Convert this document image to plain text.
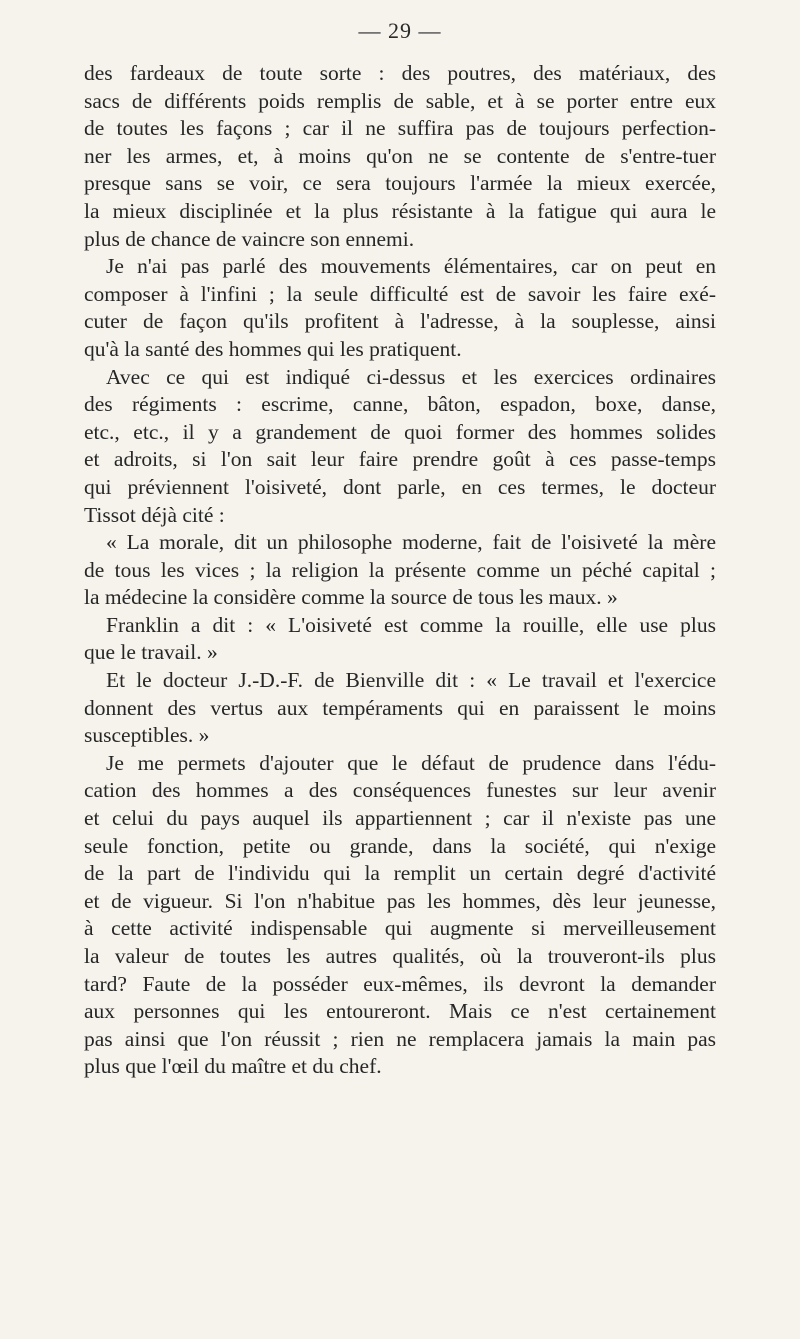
— 29 —
des fardeaux de toute sorte : des poutres, des matériaux, des
sacs de différents poids remplis de sable, et à se porter entre eux
de toutes les façons ; car il ne suffira pas de toujours perfection-
ner les armes, et, à moins qu'on ne se contente de s'entre-tuer
presque sans se voir, ce sera toujours l'armée la mieux exercée,
la mieux disciplinée et la plus résistante à la fatigue qui aura le
plus de chance de vaincre son ennemi.
Je n'ai pas parlé des mouvements élémentaires, car on peut en
composer à l'infini ; la seule difficulté est de savoir les faire exé-
cuter de façon qu'ils profitent à l'adresse, à la souplesse, ainsi
qu'à la santé des hommes qui les pratiquent.
Avec ce qui est indiqué ci-dessus et les exercices ordinaires
des régiments : escrime, canne, bâton, espadon, boxe, danse,
etc., etc., il y a grandement de quoi former des hommes solides
et adroits, si l'on sait leur faire prendre goût à ces passe-temps
qui préviennent l'oisiveté, dont parle, en ces termes, le docteur
Tissot déjà cité :
« La morale, dit un philosophe moderne, fait de l'oisiveté la mère
de tous les vices ; la religion la présente comme un péché capital ;
la médecine la considère comme la source de tous les maux. »
Franklin a dit : « L'oisiveté est comme la rouille, elle use plus
que le travail. »
Et le docteur J.-D.-F. de Bienville dit : « Le travail et l'exercice
donnent des vertus aux tempéraments qui en paraissent le moins
susceptibles. »
Je me permets d'ajouter que le défaut de prudence dans l'édu-
cation des hommes a des conséquences funestes sur leur avenir
et celui du pays auquel ils appartiennent ; car il n'existe pas une
seule fonction, petite ou grande, dans la société, qui n'exige
de la part de l'individu qui la remplit un certain degré d'activité
et de vigueur. Si l'on n'habitue pas les hommes, dès leur jeunesse,
à cette activité indispensable qui augmente si merveilleusement
la valeur de toutes les autres qualités, où la trouveront-ils plus
tard? Faute de la posséder eux-mêmes, ils devront la demander
aux personnes qui les entoureront. Mais ce n'est certainement
pas ainsi que l'on réussit ; rien ne remplacera jamais la main pas
plus que l'œil du maître et du chef.
